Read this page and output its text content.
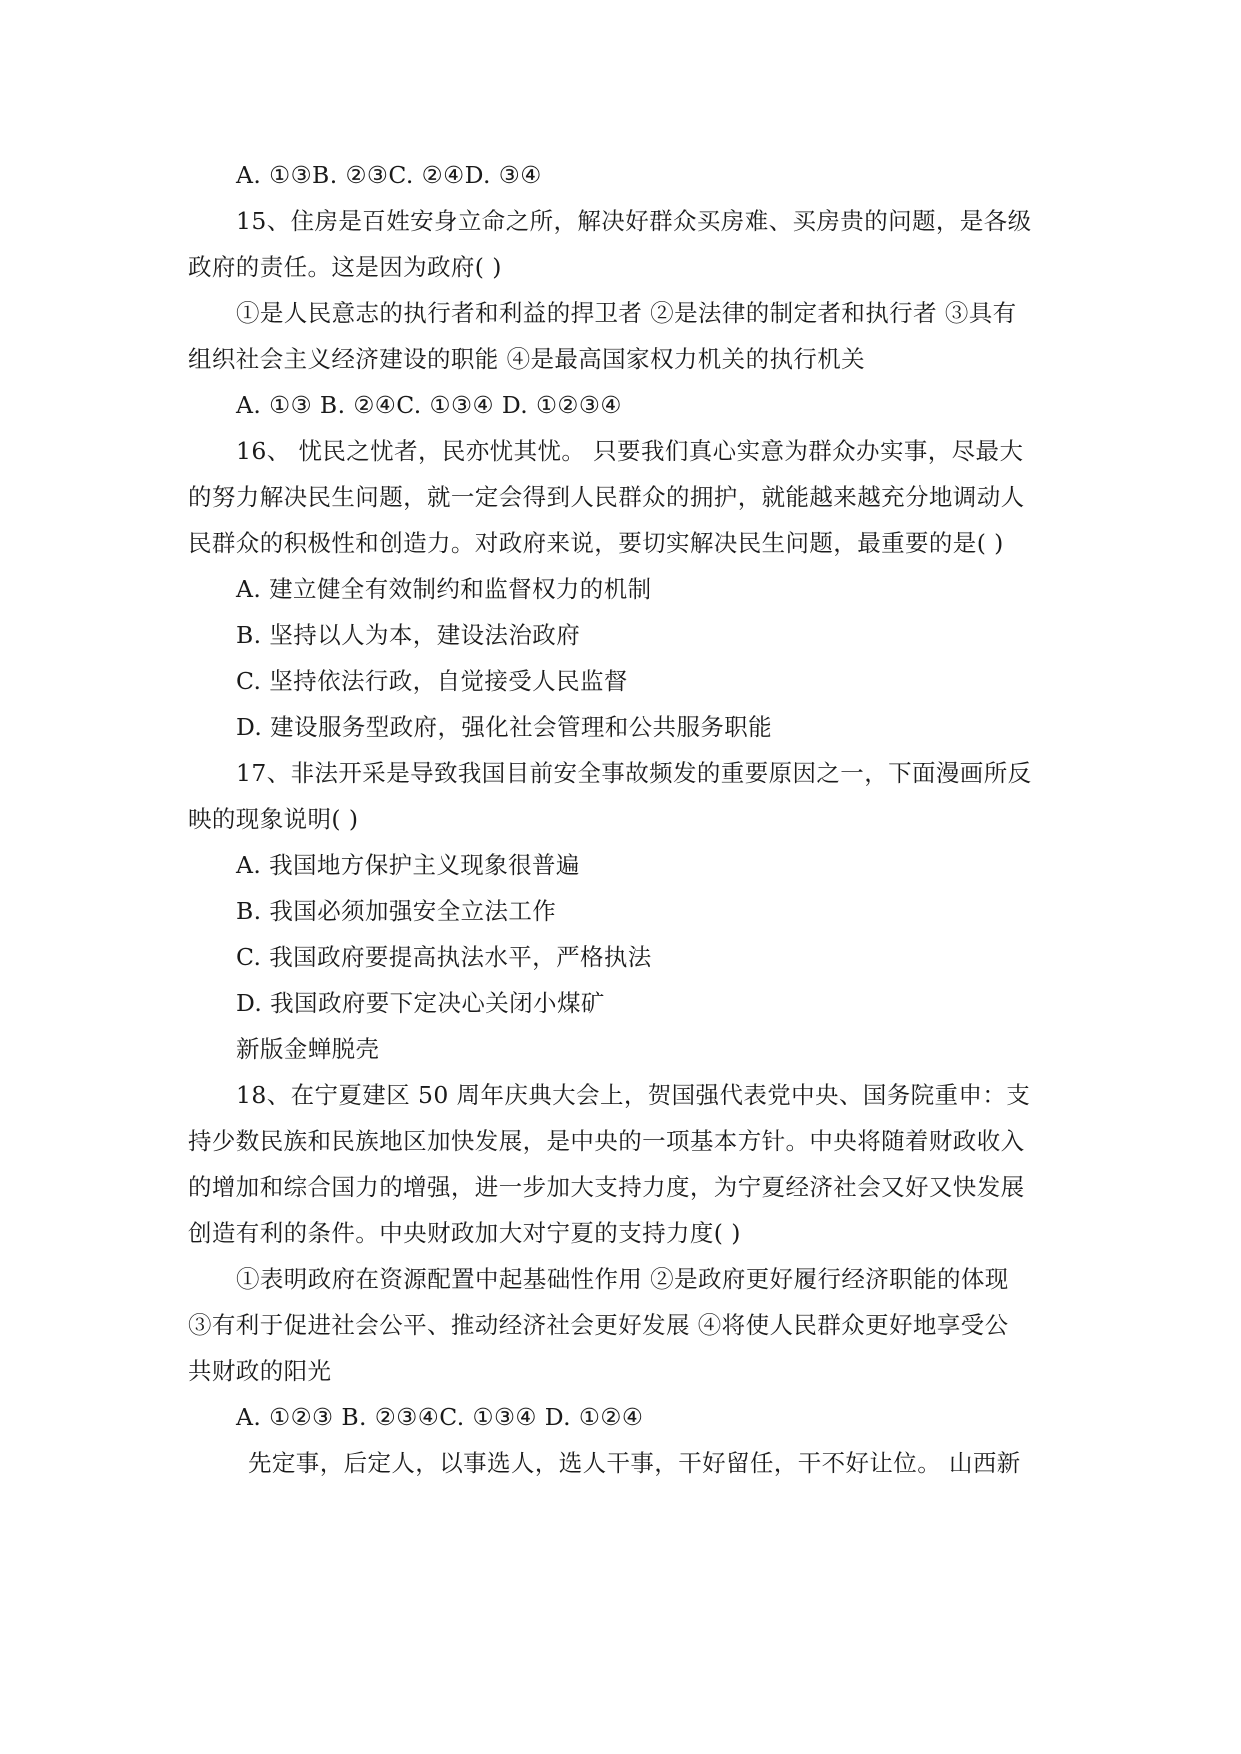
A. ①③B. ②③C. ②④D. ③④
15、住房是百姓安身立命之所，解决好群众买房难、买房贵的问题，是各级
政府的责任。这是因为政府( )
①是人民意志的执行者和利益的捍卫者 ②是法律的制定者和执行者 ③具有
组织社会主义经济建设的职能 ④是最高国家权力机关的执行机关
A. ①③ B. ②④C. ①③④ D. ①②③④
16、 忧民之忧者，民亦忧其忧。 只要我们真心实意为群众办实事，尽最大
的努力解决民生问题，就一定会得到人民群众的拥护，就能越来越充分地调动人
民群众的积极性和创造力。对政府来说，要切实解决民生问题，最重要的是( )
A. 建立健全有效制约和监督权力的机制
B. 坚持以人为本，建设法治政府
C. 坚持依法行政，自觉接受人民监督
D. 建设服务型政府，强化社会管理和公共服务职能
17、非法开采是导致我国目前安全事故频发的重要原因之一，下面漫画所反
映的现象说明( )
A. 我国地方保护主义现象很普遍
B. 我国必须加强安全立法工作
C. 我国政府要提高执法水平，严格执法
D. 我国政府要下定决心关闭小煤矿
新版金蝉脱壳
18、在宁夏建区 50 周年庆典大会上，贺国强代表党中央、国务院重申：支
持少数民族和民族地区加快发展，是中央的一项基本方针。中央将随着财政收入
的增加和综合国力的增强，进一步加大支持力度，为宁夏经济社会又好又快发展
创造有利的条件。中央财政加大对宁夏的支持力度( )
①表明政府在资源配置中起基础性作用 ②是政府更好履行经济职能的体现
③有利于促进社会公平、推动经济社会更好发展 ④将使人民群众更好地享受公
共财政的阳光
A. ①②③ B. ②③④C. ①③④ D. ①②④
先定事，后定人，以事选人，选人干事，干好留任，干不好让位。 山西新
